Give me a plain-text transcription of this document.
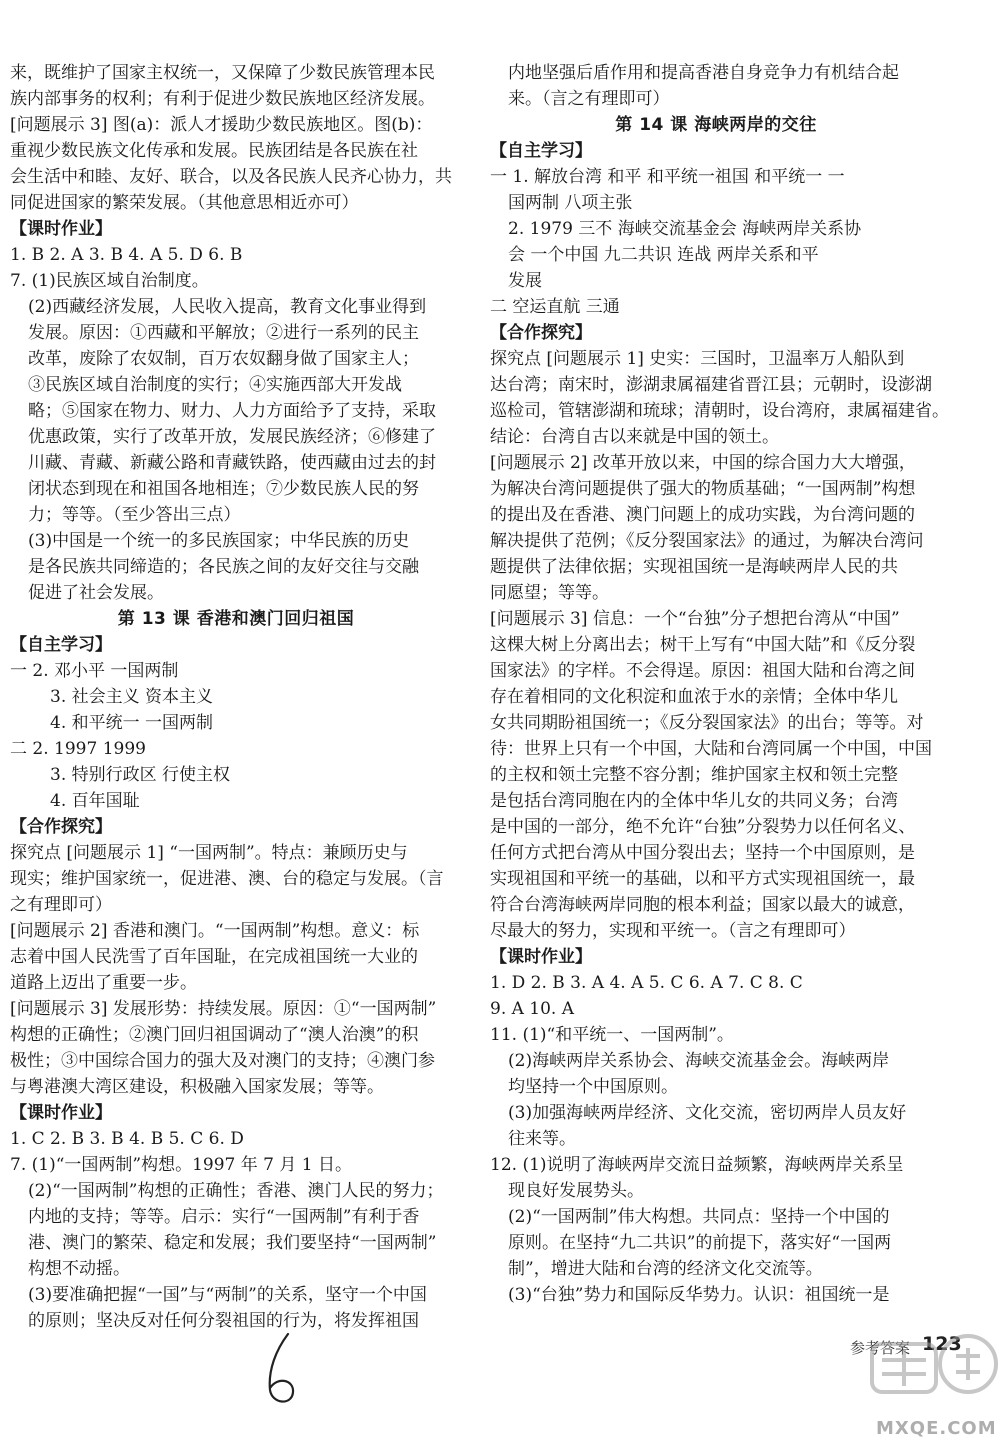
来，既维护了国家主权统一，又保障了少数民族管理本民
族内部事务的权利；有利于促进少数民族地区经济发展。
[问题展示 3] 图(a)：派人才援助少数民族地区。图(b)：
重视少数民族文化传承和发展。民族团结是各民族在社
会生活中和睦、友好、联合，以及各民族人民齐心协力，共
同促进国家的繁荣发展。（其他意思相近亦可）
【课时作业】
1. B 2. A 3. B 4. A 5. D 6. B
7. (1)民族区域自治制度。
(2)西藏经济发展，人民收入提高，教育文化事业得到
发展。原因：①西藏和平解放；②进行一系列的民主
改革，废除了农奴制，百万农奴翻身做了国家主人；
③民族区域自治制度的实行；④实施西部大开发战
略；⑤国家在物力、财力、人力方面给予了支持，采取
优惠政策，实行了改革开放，发展民族经济；⑥修建了
川藏、青藏、新藏公路和青藏铁路，使西藏由过去的封
闭状态到现在和祖国各地相连；⑦少数民族人民的努
力；等等。（至少答出三点）
(3)中国是一个统一的多民族国家；中华民族的历史
是各民族共同缔造的；各民族之间的友好交往与交融
促进了社会发展。
第 13 课 香港和澳门回归祖国
【自主学习】
一 2. 邓小平 一国两制
3. 社会主义 资本主义
4. 和平统一 一国两制
二 2. 1997 1999
3. 特别行政区 行使主权
4. 百年国耻
【合作探究】
探究点 [问题展示 1] “一国两制”。特点：兼顾历史与
现实；维护国家统一，促进港、澳、台的稳定与发展。（言
之有理即可）
[问题展示 2] 香港和澳门。“一国两制”构想。意义：标
志着中国人民洗雪了百年国耻，在完成祖国统一大业的
道路上迈出了重要一步。
[问题展示 3] 发展形势：持续发展。原因：①“一国两制”
构想的正确性；②澳门回归祖国调动了“澳人治澳”的积
极性；③中国综合国力的强大及对澳门的支持；④澳门参
与粤港澳大湾区建设，积极融入国家发展；等等。
【课时作业】
1. C 2. B 3. B 4. B 5. C 6. D
7. (1)“一国两制”构想。1997 年 7 月 1 日。
(2)“一国两制”构想的正确性；香港、澳门人民的努力；
内地的支持；等等。启示：实行“一国两制”有利于香
港、澳门的繁荣、稳定和发展；我们要坚持“一国两制”
构想不动摇。
(3)要准确把握“一国”与“两制”的关系，坚守一个中国
的原则；坚决反对任何分裂祖国的行为，将发挥祖国
内地坚强后盾作用和提高香港自身竞争力有机结合起
来。（言之有理即可）
第 14 课 海峡两岸的交往
【自主学习】
一 1. 解放台湾 和平 和平统一祖国 和平统一 一
国两制 八项主张
2. 1979 三不 海峡交流基金会 海峡两岸关系协
会 一个中国 九二共识 连战 两岸关系和平
发展
二 空运直航 三通
【合作探究】
探究点 [问题展示 1] 史实：三国时，卫温率万人船队到
达台湾；南宋时，澎湖隶属福建省晋江县；元朝时，设澎湖
巡检司，管辖澎湖和琉球；清朝时，设台湾府，隶属福建省。
结论：台湾自古以来就是中国的领土。
[问题展示 2] 改革开放以来，中国的综合国力大大增强，
为解决台湾问题提供了强大的物质基础；“一国两制”构想
的提出及在香港、澳门问题上的成功实践，为台湾问题的
解决提供了范例；《反分裂国家法》的通过，为解决台湾问
题提供了法律依据；实现祖国统一是海峡两岸人民的共
同愿望；等等。
[问题展示 3] 信息：一个“台独”分子想把台湾从“中国”
这棵大树上分离出去；树干上写有“中国大陆”和《反分裂
国家法》的字样。不会得逞。原因：祖国大陆和台湾之间
存在着相同的文化积淀和血浓于水的亲情；全体中华儿
女共同期盼祖国统一；《反分裂国家法》的出台；等等。对
待：世界上只有一个中国，大陆和台湾同属一个中国，中国
的主权和领土完整不容分割；维护国家主权和领土完整
是包括台湾同胞在内的全体中华儿女的共同义务；台湾
是中国的一部分，绝不允许“台独”分裂势力以任何名义、
任何方式把台湾从中国分裂出去；坚持一个中国原则，是
实现祖国和平统一的基础，以和平方式实现祖国统一，最
符合台湾海峡两岸同胞的根本利益；国家以最大的诚意，
尽最大的努力，实现和平统一。（言之有理即可）
【课时作业】
1. D 2. B 3. A 4. A 5. C 6. A 7. C 8. C
9. A 10. A
11. (1)“和平统一、一国两制”。
(2)海峡两岸关系协会、海峡交流基金会。海峡两岸
均坚持一个中国原则。
(3)加强海峡两岸经济、文化交流，密切两岸人员友好
往来等。
12. (1)说明了海峡两岸交流日益频繁，海峡两岸关系呈
现良好发展势头。
(2)“一国两制”伟大构想。共同点：坚持一个中国的
原则。在坚持“九二共识”的前提下，落实好“一国两
制”，增进大陆和台湾的经济文化交流等。
(3)“台独”势力和国际反华势力。认识：祖国统一是
参考答案 123
MXQE.COM
